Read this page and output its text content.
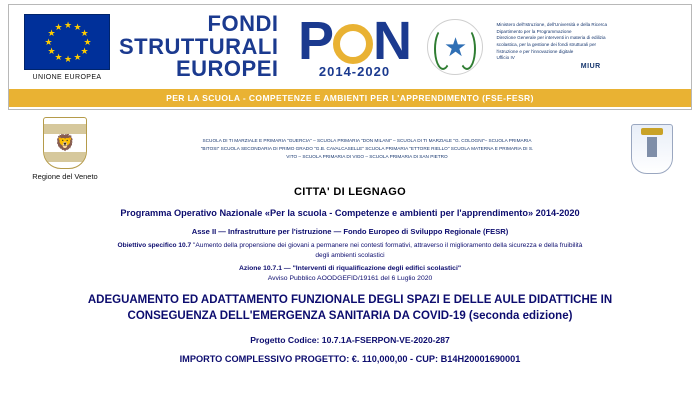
★ ★
★
★
★
★
★
★
★
★
★
★
UNIONE EUROPEA
FONDI
STRUTTURALI
EUROPEI P N
2014-2020
★
Ministero dell'Istruzione, dell'Università e della Ricerca
Dipartimento per la Programmazione
Direzione Generale per interventi in materia di edilizia
scolastica, per la gestione dei fondi strutturali per
l'istruzione e per l'innovazione digitale
Ufficio IV
MIUR
PER LA SCUOLA - COMPETENZE E AMBIENTI PER L'APPRENDIMENTO (FSE-FESR)
🦁
Regione del Veneto
SCUOLA DI TI MARZIALE E PRIMARIA "GUERCIA" – SCUOLA PRIMARIA "DON MILANI" – SCUOLA DI TI MARZIALE "G. COLOGNI"– SCUOLA PRIMARIA
"BITOSI" SCUOLA SECONDARIA DI PRIMO GRADO "G.B. CAVALCASELLE" SCUOLA PRIMARIA "ETTORE RIELLO" SCUOLA MATERNA E PRIMARIA DI S.
VITO – SCUOLA PRIMARIA DI VIGO – SCUOLA PRIMARIA DI SAN PIETRO
CITTA' DI LEGNAGO
Programma Operativo Nazionale «Per la scuola - Competenze e ambienti per l'apprendimento» 2014-2020
Asse II — Infrastrutture per l'istruzione — Fondo Europeo di Sviluppo Regionale (FESR)
Obiettivo specifico 10.7 "Aumento della propensione dei giovani a permanere nei contesti formativi, attraverso il miglioramento della sicurezza e della fruibilità
degli ambienti scolastici
Azione 10.7.1 — "Interventi di riqualificazione degli edifici scolastici"
Avviso Pubblico AOODGEFID/19161 del 6 Luglio 2020
ADEGUAMENTO ED ADATTAMENTO FUNZIONALE DEGLI SPAZI E DELLE AULE DIDATTICHE IN
CONSEGUENZA DELL'EMERGENZA SANITARIA DA COVID-19 (seconda edizione)
Progetto Codice: 10.7.1A-FSERPON-VE-2020-287
IMPORTO COMPLESSIVO PROGETTO: €. 110,000,00 - CUP: B14H20001690001
